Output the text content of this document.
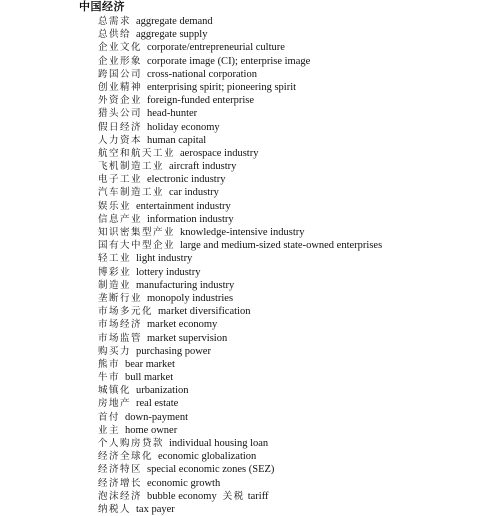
中国经济
总需求 aggregate demand
总供给 aggregate supply
企业文化 corporate/entrepreneurial culture
企业形象 corporate image (CI); enterprise image
跨国公司 cross-national corporation
创业精神 enterprising spirit; pioneering spirit
外资企业 foreign-funded enterprise
猎头公司 head-hunter
假日经济 holiday economy
人力资本 human capital
航空和航天工业 aerospace industry
飞机制造工业 aircraft industry
电子工业 electronic industry
汽车制造工业 car industry
娱乐业 entertainment industry
信息产业 information industry
知识密集型产业 knowledge-intensive industry
国有大中型企业 large and medium-sized state-owned enterprises
轻工业 light industry
博彩业 lottery industry
制造业 manufacturing industry
垄断行业 monopoly industries
市场多元化 market diversification
市场经济 market economy
市场监管 market supervision
购买力 purchasing power
熊市 bear market
牛市 bull market
城镇化 urbanization
房地产 real estate
首付 down-payment
业主 home owner
个人购房贷款 individual housing loan
经济全球化 economic globalization
经济特区 special economic zones (SEZ)
经济增长 economic growth
泡沫经济 bubble economy 关税 tariff
纳税人 tax payer
